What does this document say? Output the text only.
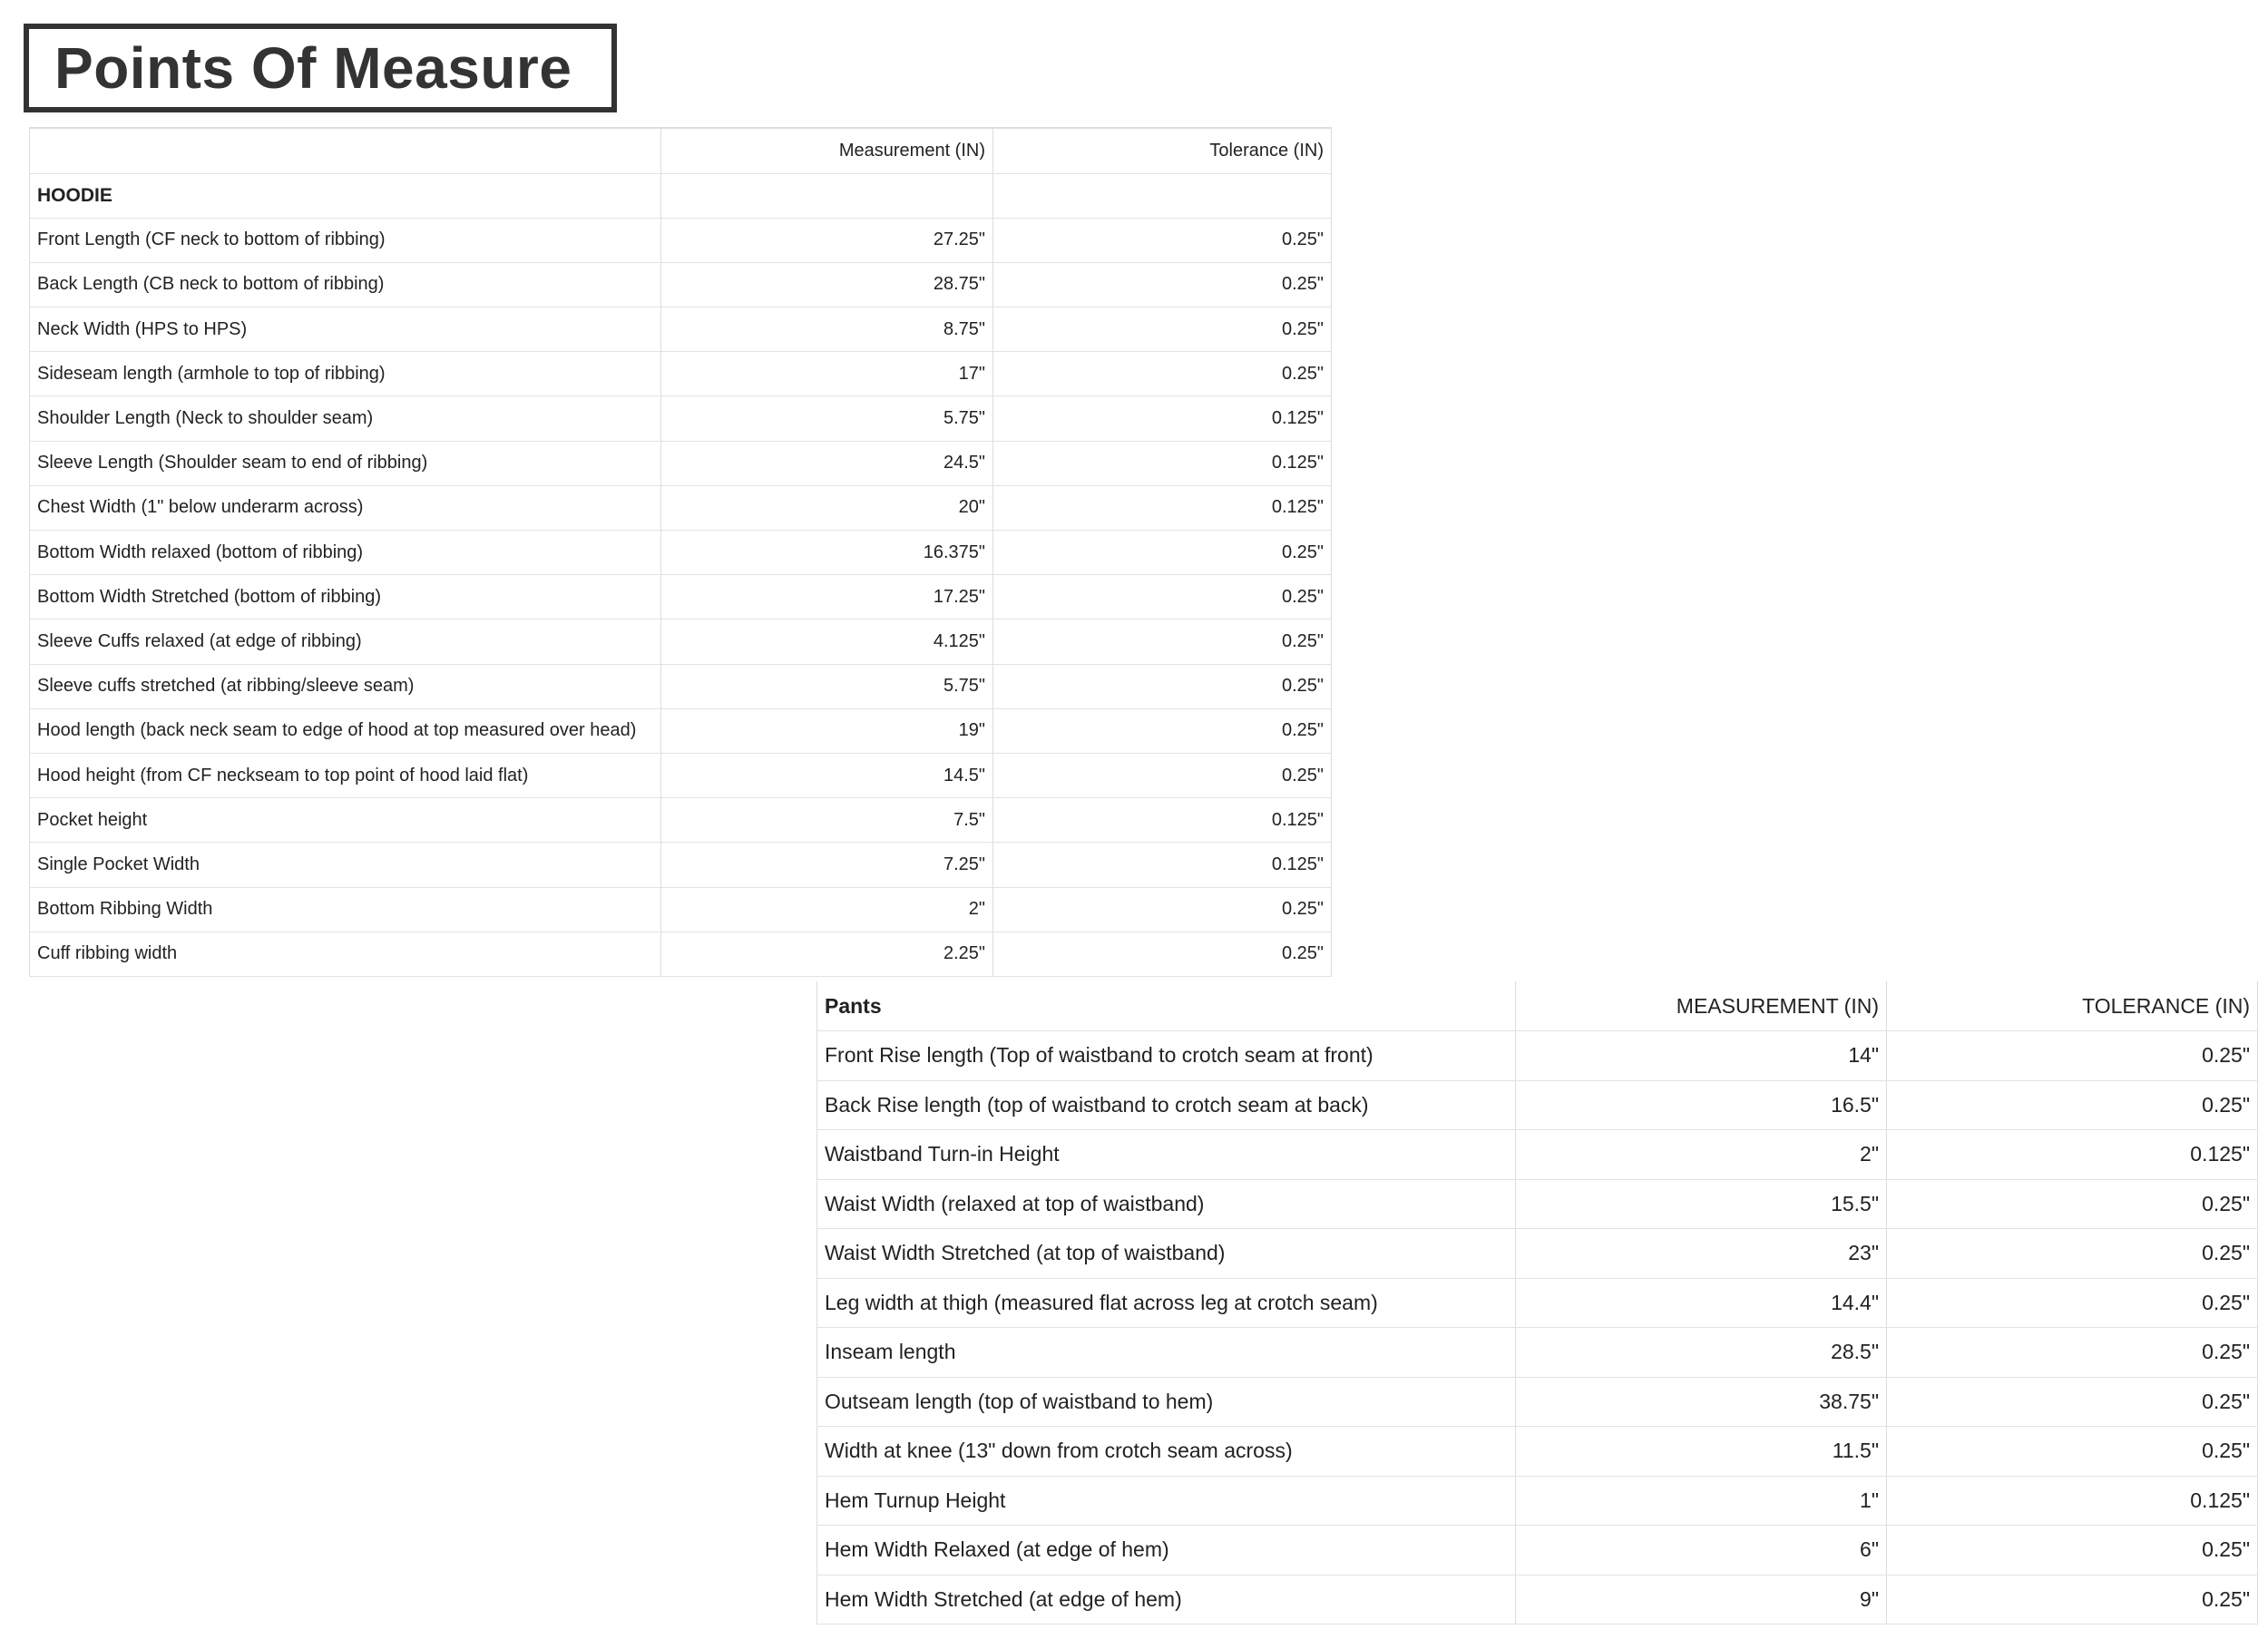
Points Of Measure
	Measurement (IN)	Tolerance (IN)
HOODIE		
Front Length (CF neck to bottom of ribbing)	27.25"	0.25"
Back Length (CB neck to bottom of ribbing)	28.75"	0.25"
Neck Width (HPS to HPS)	8.75"	0.25"
Sideseam length (armhole to top of ribbing)	17"	0.25"
Shoulder Length (Neck to shoulder seam)	5.75"	0.125"
Sleeve Length (Shoulder seam to end of ribbing)	24.5"	0.125"
Chest Width (1" below underarm across)	20"	0.125"
Bottom Width relaxed (bottom of ribbing)	16.375"	0.25"
Bottom Width Stretched (bottom of ribbing)	17.25"	0.25"
Sleeve Cuffs relaxed (at edge of ribbing)	4.125"	0.25"
Sleeve cuffs stretched (at ribbing/sleeve seam)	5.75"	0.25"
Hood length (back neck seam to edge of hood at top measured over head)	19"	0.25"
Hood height (from CF neckseam to top point of hood laid flat)	14.5"	0.25"
Pocket height	7.5"	0.125"
Single Pocket Width	7.25"	0.125"
Bottom Ribbing Width	2"	0.25"
Cuff ribbing width	2.25"	0.25"
Pants	MEASUREMENT (IN)	TOLERANCE (IN)
Front Rise length (Top of waistband to crotch seam at front)	14"	0.25"
Back Rise length (top of waistband to crotch seam at back)	16.5"	0.25"
Waistband Turn-in Height	2"	0.125"
Waist Width (relaxed at top of waistband)	15.5"	0.25"
Waist Width Stretched (at top of waistband)	23"	0.25"
Leg width at thigh (measured flat across leg at crotch seam)	14.4"	0.25"
Inseam length	28.5"	0.25"
Outseam length (top of waistband to hem)	38.75"	0.25"
Width at knee (13" down from crotch seam across)	11.5"	0.25"
Hem Turnup Height	1"	0.125"
Hem Width Relaxed (at edge of hem)	6"	0.25"
Hem Width Stretched (at edge of hem)	9"	0.25"
